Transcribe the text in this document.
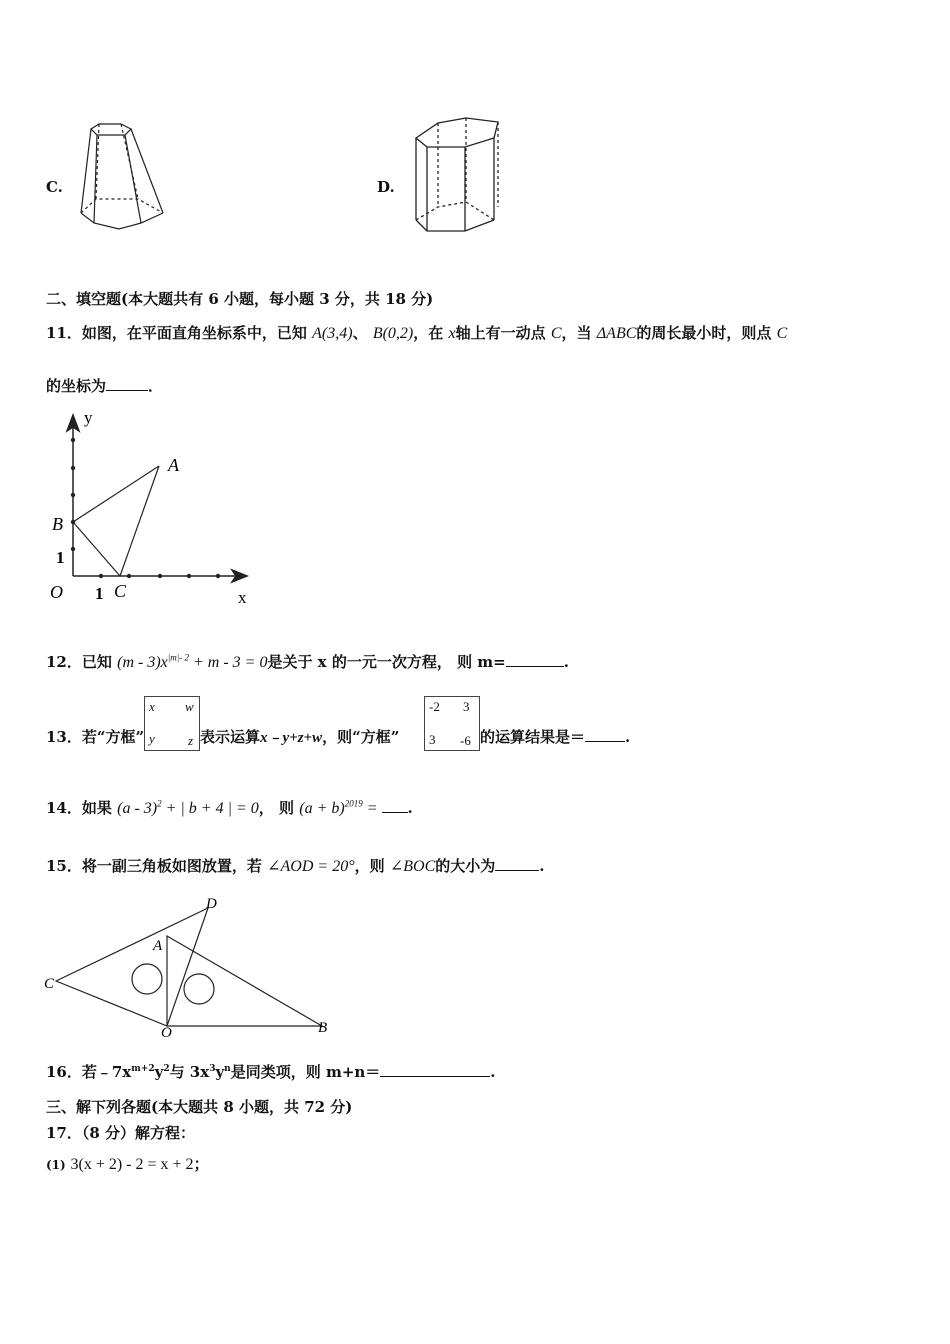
C.	D.
二、填空题(本大题共有 6 小题，每小题 3 分，共 18 分)
11．如图，在平面直角坐标系中，已知 A(3,4)、 B(0,2)，在 x轴上有一动点 C，当 ΔABC的周长最小时，则点 C
的坐标为	．
y
x
A
B
1
O 1 C
12．已知 $(m - 3)x^{|m|- 2} + m - 3 = 0$是关于 x 的一元一次方程， 则 m=	.
13．若“方框”
x w
y	z 表示运算x﹣y+z+w，则“方框”
-2 3
3 -6 的运算结果是＝	.
14．如果 (a - 3)$^2$ + | b + 4 | = 0， 则 $(a + b)^{2019}$ = .
15．将一副三角板如图放置，若 ∠AOD = 20°，则 ∠BOC的大小为	.
C
D
A
O	B
16．若$﹣7x^{m+2}y^2$与 $3x^3y^n$是同类项，则 m+n＝	.
三、解下列各题(本大题共 8 小题，共 72 分)
17．（8 分）解方程：
(1) 3(x + 2) - 2 = x + 2；
